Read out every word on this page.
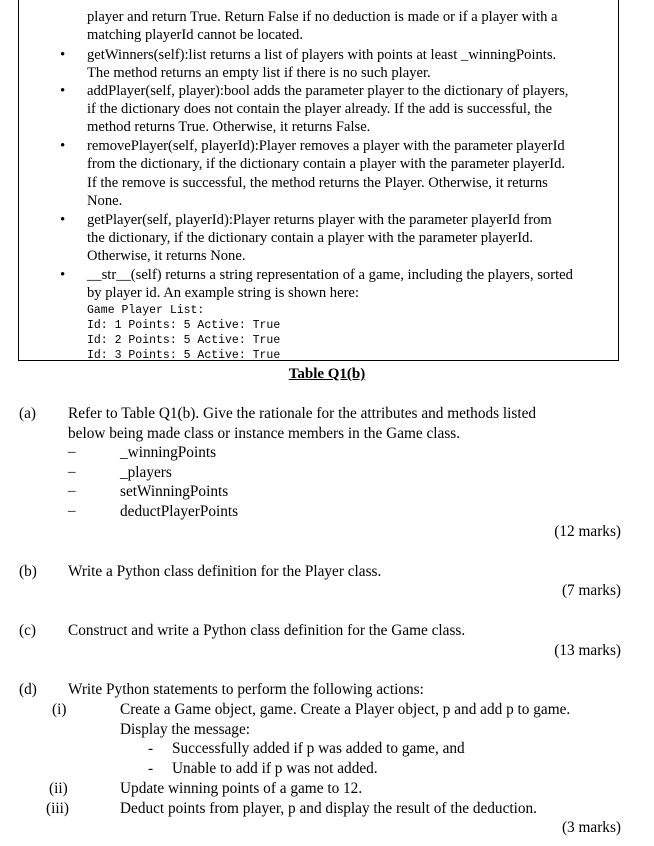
player and return True. Return False if no deduction is made or if a player with a
matching playerId cannot be located.
• getWinners(self):list returns a list of players with points at least _winningPoints.
The method returns an empty list if there is no such player.
• addPlayer(self, player):bool adds the parameter player to the dictionary of players,
if the dictionary does not contain the player already. If the add is successful, the
method returns True. Otherwise, it returns False.
• removePlayer(self, playerId):Player removes a player with the parameter playerId
from the dictionary, if the dictionary contain a player with the parameter playerId.
If the remove is successful, the method returns the Player. Otherwise, it returns
None.
• getPlayer(self, playerId):Player returns player with the parameter playerId from
the dictionary, if the dictionary contain a player with the parameter playerId.
Otherwise, it returns None.
• __str__(self) returns a string representation of a game, including the players, sorted
by player id. An example string is shown here:
Game Player List:
Id: 1 Points: 5 Active: True
Id: 2 Points: 5 Active: True
Id: 3 Points: 5 Active: True
Table Q1(b)
(a) Refer to Table Q1(b). Give the rationale for the attributes and methods listed
below being made class or instance members in the Game class.
–	_winningPoints
–	_players
–	setWinningPoints
–	deductPlayerPoints
(12 marks)
(b) Write a Python class definition for the Player class.
(7 marks)
(c) Construct and write a Python class definition for the Game class.
(13 marks)
(d) Write Python statements to perform the following actions:
(i)	Create a Game object, game. Create a Player object, p and add p to game.
Display the message:
- Successfully added if p was added to game, and
- Unable to add if p was not added.
(ii)	Update winning points of a game to 12.
(iii)	Deduct points from player, p and display the result of the deduction.
(3 marks)
